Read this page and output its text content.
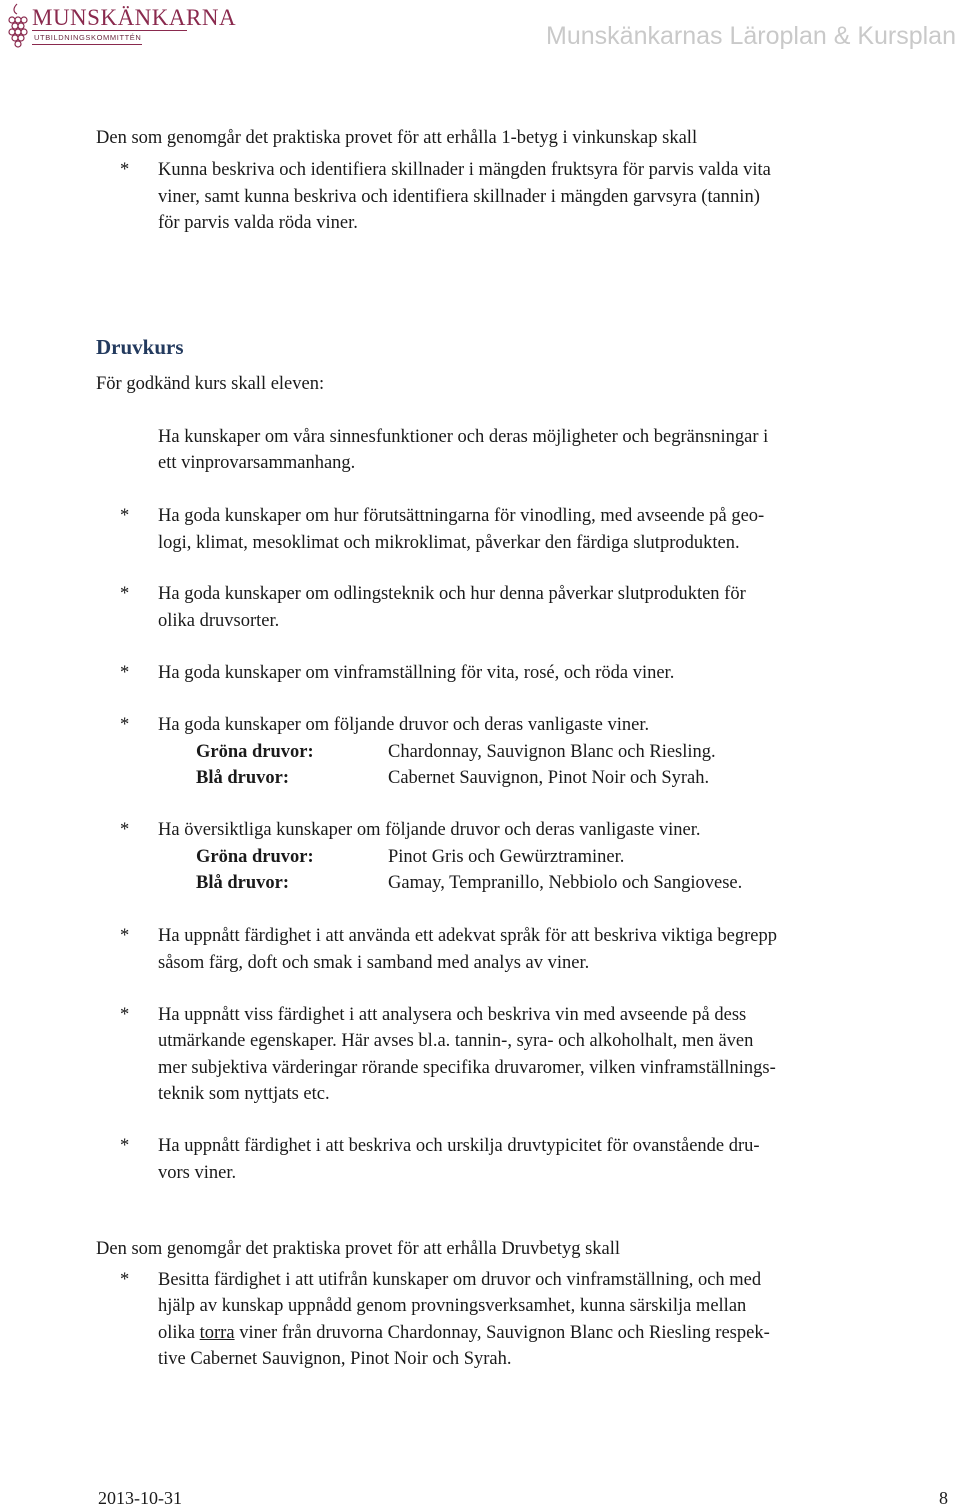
MUNSKÄNKARNA
UTBILDNINGSKOMMITTÉN	Munskänkarnas Läroplan & Kursplan
Den som genomgår det praktiska provet för att erhålla 1-betyg i vinkunskap skall
* Kunna beskriva och identifiera skillnader i mängden fruktsyra för parvis valda vita
viner, samt kunna beskriva och identifiera skillnader i mängden garvsyra (tannin)
för parvis valda röda viner.
Druvkurs
För godkänd kurs skall eleven:
Ha kunskaper om våra sinnesfunktioner och deras möjligheter och begränsningar i
ett vinprovarsammanhang.
* Ha goda kunskaper om hur förutsättningarna för vinodling, med avseende på geo-
logi, klimat, mesoklimat och mikroklimat, påverkar den färdiga slutprodukten.
* Ha goda kunskaper om odlingsteknik och hur denna påverkar slutprodukten för
olika druvsorter.
* Ha goda kunskaper om vinframställning för vita, rosé, och röda viner.
* Ha goda kunskaper om följande druvor och deras vanligaste viner.
Gröna druvor:	Chardonnay, Sauvignon Blanc och Riesling.
Blå druvor:	Cabernet Sauvignon, Pinot Noir och Syrah.
* Ha översiktliga kunskaper om följande druvor och deras vanligaste viner.
Gröna druvor:	Pinot Gris och Gewürztraminer.
Blå druvor:	Gamay, Tempranillo, Nebbiolo och Sangiovese.
* Ha uppnått färdighet i att använda ett adekvat språk för att beskriva viktiga begrepp
såsom färg, doft och smak i samband med analys av viner.
* Ha uppnått viss färdighet i att analysera och beskriva vin med avseende på dess
utmärkande egenskaper. Här avses bl.a. tannin-, syra- och alkoholhalt, men även
mer subjektiva värderingar rörande specifika druvaromer, vilken vinframställnings-
teknik som nyttjats etc.
* Ha uppnått färdighet i att beskriva och urskilja druvtypicitet för ovanstående dru-
vors viner.
Den som genomgår det praktiska provet för att erhålla Druvbetyg skall
* Besitta färdighet i att utifrån kunskaper om druvor och vinframställning, och med
hjälp av kunskap uppnådd genom provningsverksamhet, kunna särskilja mellan
olika torra viner från druvorna Chardonnay, Sauvignon Blanc och Riesling respek-
tive Cabernet Sauvignon, Pinot Noir och Syrah.
2013-10-31	8
